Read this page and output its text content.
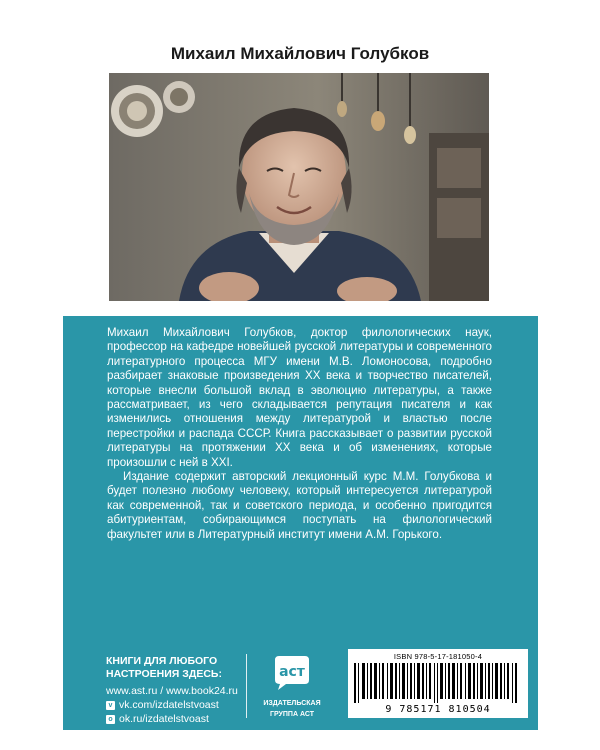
Михаил Михайлович Голубков

Михаил Михайлович Голубков, доктор филологических наук, профессор на кафедре новейшей русской литературы и современного литературного процесса МГУ имени М.В. Ломоносова, подробно разбирает знаковые произведения XX века и творчество писателей, которые внесли большой вклад в эволюцию литературы, а также рассматривает, из чего складывается репутация писателя и как изменились отношения между литературой и властью после перестройки и распада СССР. Книга рассказывает о развитии русской литературы на протяжении XX века и об изменениях, которые произошли с ней в XXI.

Издание содержит авторский лекционный курс М.М. Голубкова и будет полезно любому человеку, который интересуется литературой как современной, так и советского периода, и особенно пригодится абитуриентам, собирающимся поступать на филологический факультет или в Литературный институт имени А.М. Горького.

КНИГИ ДЛЯ ЛЮБОГО
НАСТРОЕНИЯ ЗДЕСЬ:
www.ast.ru / www.book24.ru
v vk.com/izdatelstvoast
o ok.ru/izdatelstvoast
аст
ИЗДАТЕЛЬСКАЯ
ГРУППА АСТ
ISBN 978-5-17-181050-4
9 785171 810504
